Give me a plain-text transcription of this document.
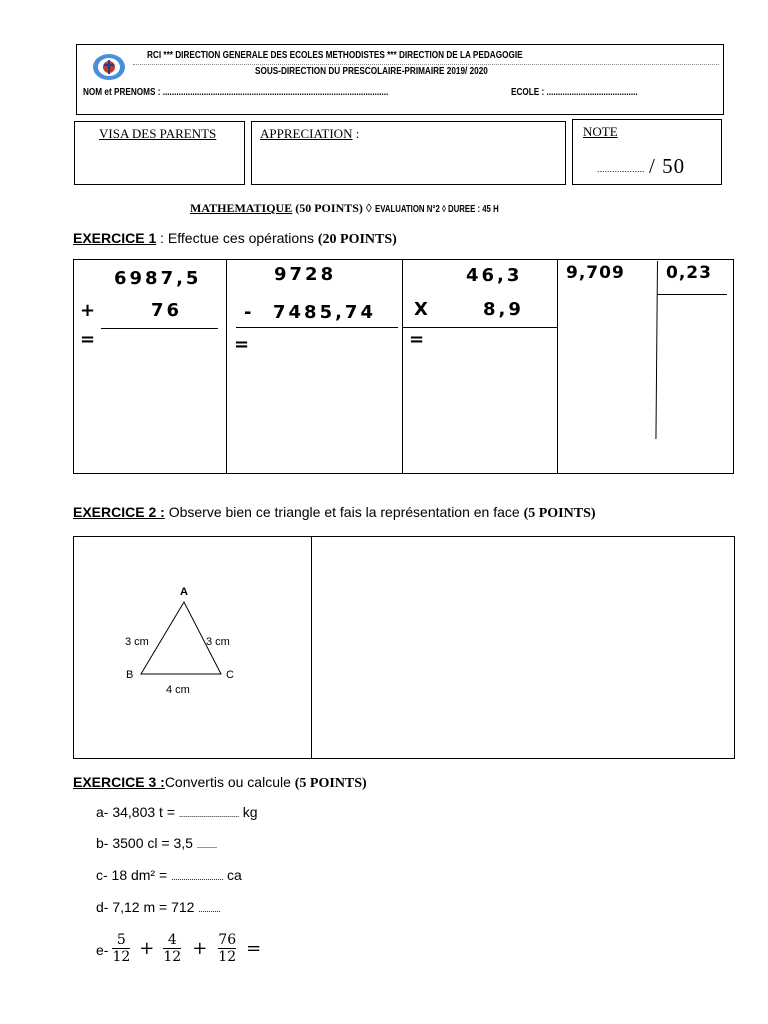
RCI *** DIRECTION GENERALE DES ECOLES METHODISTES *** DIRECTION DE LA PEDAGOGIE
SOUS-DIRECTION DU PRESCOLAIRE-PRIMAIRE 2019/ 2020
NOM et PRENOMS : ...................................................................................................	ECOLE : ........................................
VISA DES PARENTS	APPRECIATION :	NOTE
................... / 50
MATHEMATIQUE (50 POINTS) ◊ EVALUATION N°2 ◊ DUREE : 45 H
EXERCICE 1 : Effectue ces opérations (20 POINTS)
6987,5
+	76
=
9728
- 7485,74
=
46,3
X	8,9
=
9,709 0,23
EXERCICE 2 : Observe bien ce triangle et fais la représentation en face (5 POINTS)
A
B	C
3 cm	3 cm
4 cm
EXERCICE 3 :Convertis ou calcule (5 POINTS)
a- 34,803 t = .............................. kg
b- 3500 cl = 3,5 ..........
c- 18 dm² = .......................... ca
d- 7,12 m = 712 ...........
$e- \frac{5}{12} + \frac{4}{12} + \frac{76}{12}$ =
